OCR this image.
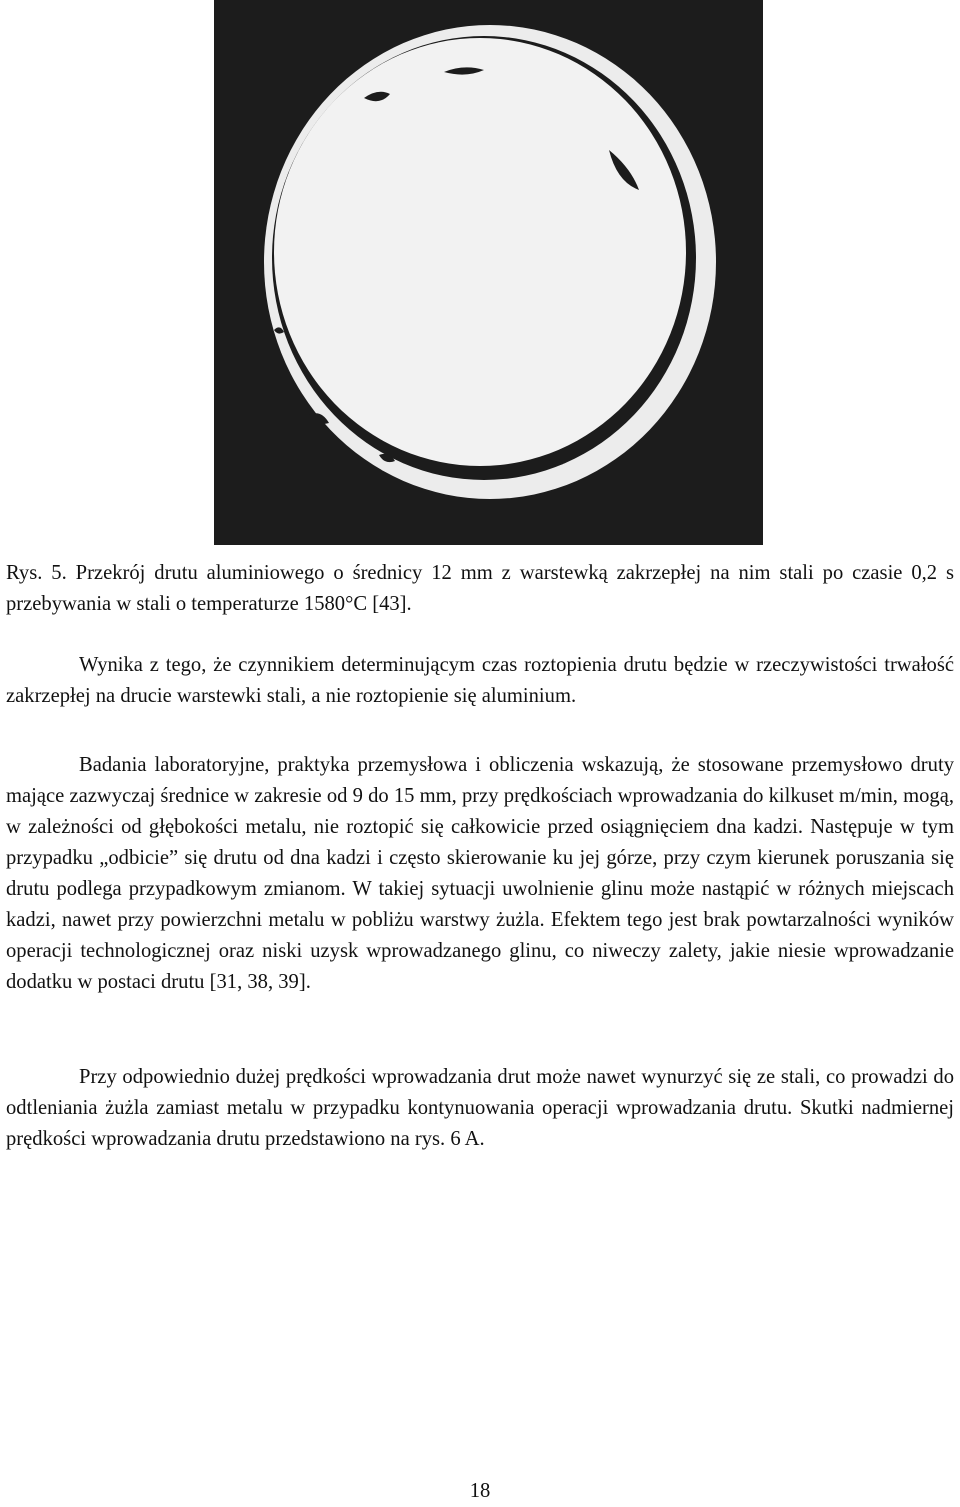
Rys. 5. Przekrój drutu aluminiowego o średnicy 12 mm z warstewką zakrzepłej na nim stali po czasie 0,2 s przebywania w stali o temperaturze 1580°C [43].
Wynika z tego, że czynnikiem determinującym czas roztopienia drutu będzie w rzeczywistości trwałość zakrzepłej na drucie warstewki stali, a nie roztopienie się aluminium.
Badania laboratoryjne, praktyka przemysłowa i obliczenia wskazują, że stosowane przemysłowo druty mające zazwyczaj średnice w zakresie od 9 do 15 mm, przy prędkościach wprowadzania do kilkuset m/min, mogą, w zależności od głębokości metalu, nie roztopić się całkowicie przed osiągnięciem dna kadzi. Następuje w tym przypadku „odbicie” się drutu od dna kadzi i często skierowanie ku jej górze, przy czym kierunek poruszania się drutu podlega przypadkowym zmianom. W takiej sytuacji uwolnienie glinu może nastąpić w różnych miejscach kadzi, nawet przy powierzchni metalu w pobliżu warstwy żużla. Efektem tego jest brak powtarzalności wyników operacji technologicznej oraz niski uzysk wprowadzanego glinu, co niweczy zalety, jakie niesie wprowadzanie dodatku w postaci drutu [31, 38, 39].
Przy odpowiednio dużej prędkości wprowadzania drut może nawet wynurzyć się ze stali, co prowadzi do odtleniania żużla zamiast metalu w przypadku kontynuowania operacji wprowadzania drutu. Skutki nadmiernej prędkości wprowadzania drutu przedstawiono na rys. 6 A.
18
